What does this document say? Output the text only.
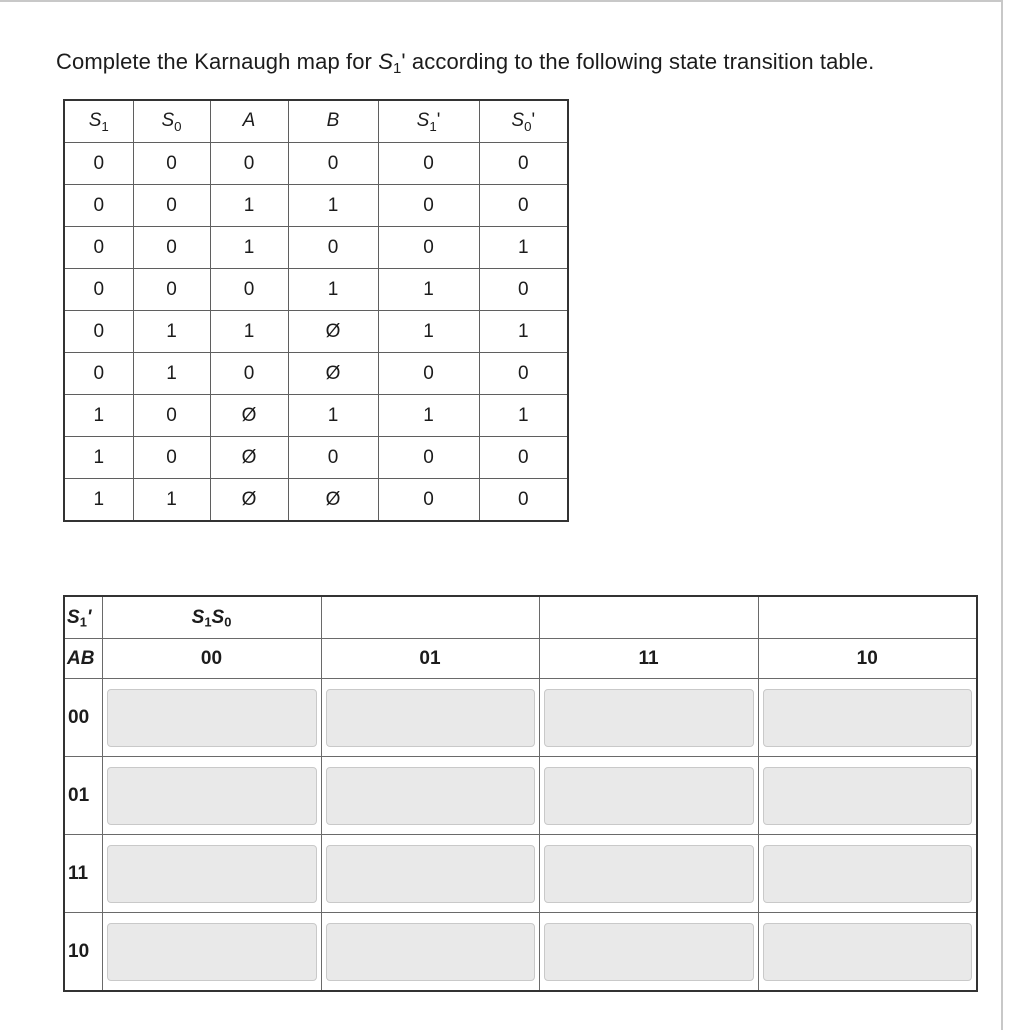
Complete the Karnaugh map for $S_1'$ according to the following state transition table.
$S_1$	$S_0$	A	B	$S_1'$	$S_0'$
0	0	0	0	0	0
0	0	1	1	0	0
0	0	1	0	0	1
0	0	0	1	1	0
0	1	1	Ø	1	1
0	1	0	Ø	0	0
1	0	Ø	1	1	1
1	0	Ø	0	0	0
1	1	Ø	Ø	0	0
$S_1'$	$S_1S_0$			
AB	00	01	11	10
00	

01	

11	

10	
